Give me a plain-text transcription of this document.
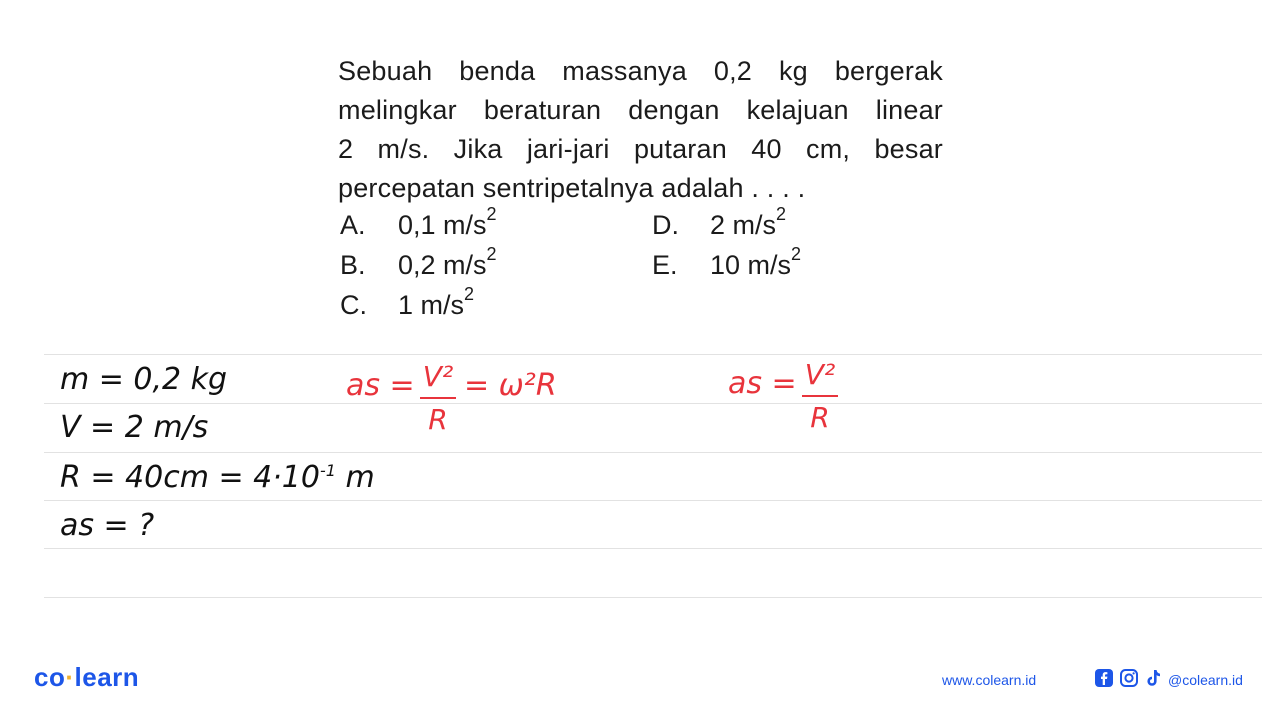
Sebuah benda massanya 0,2 kg bergerak
melingkar beraturan dengan kelajuan linear
2 m/s. Jika jari-jari putaran 40 cm, besar
percepatan sentripetalnya adalah . . . .
A. 0,1 $m/s^2$
B. 0,2 $m/s^2$
C. 1 $m/s^2$
D. 2 $m/s^2$
E. 10 $m/s^2$
m = 0,2 kg
V = 2 m/s
$R = 40cm = 4\cdot 10^{-1}$ m
as = ?
as = V²
R
= ω²R	as = V²
R
co·learn	www.colearn.id	@colearn.id
